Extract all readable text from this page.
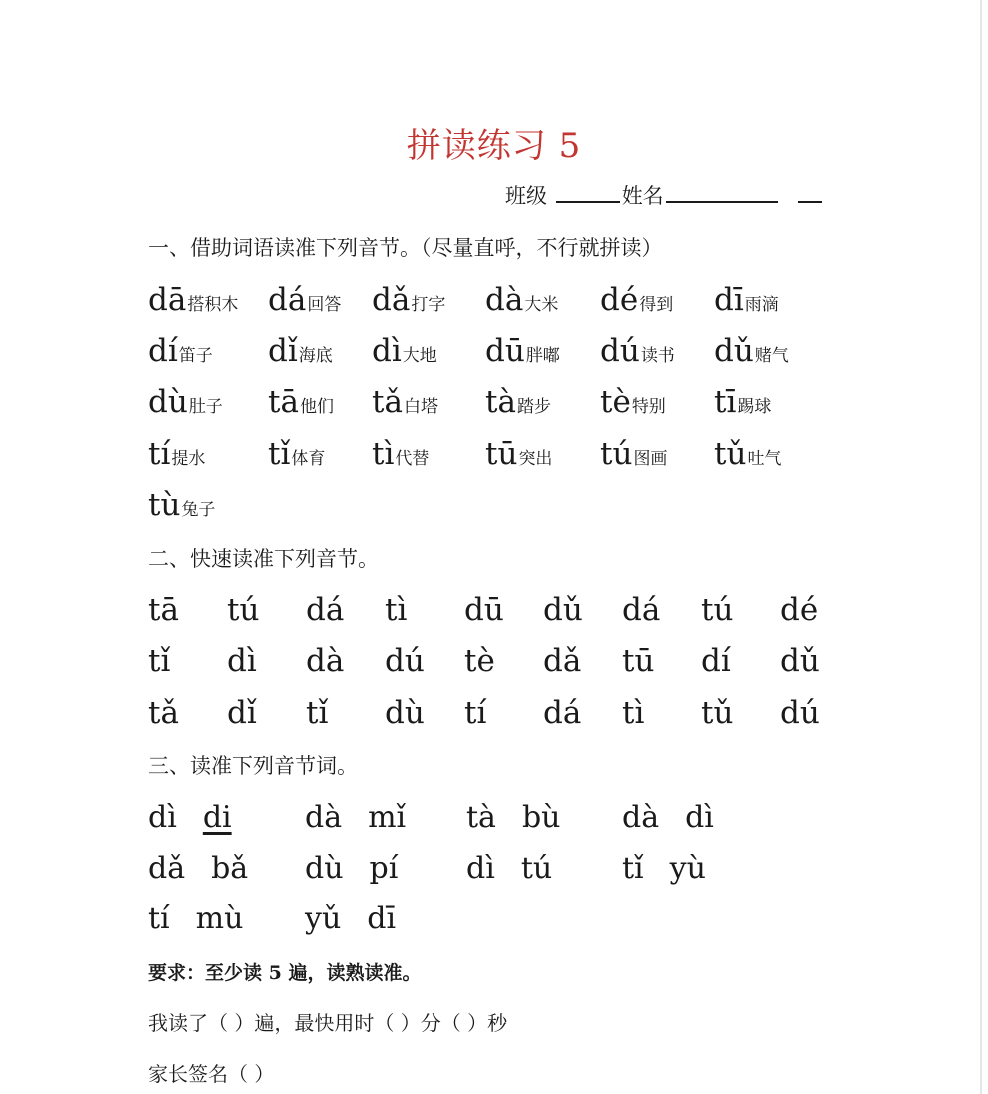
拼读练习 5
班级	姓名
一、借助词语读准下列音节。（尽量直呼，不行就拼读）
dā搭积木 dá回答 dǎ打字 dà大米 dé得到 dī雨滴
dí笛子 dǐ海底 dì大地 dū胖嘟 dú读书 dǔ赌气
dù肚子 tā他们 tǎ白塔 tà踏步 tè特别 tī踢球
tí提水 tǐ体育 tì代替 tū突出 tú图画 tǔ吐气
tù兔子
二、快速读准下列音节。
tā tú dá tì dū dǔ dá tú dé
tǐ dì dà dú tè dǎ tū dí dǔ
tǎ dǐ tǐ dù tí dá tì tǔ dú
三、读准下列音节词。
dì di dà mǐ tà bù dà dì
dǎ bǎ dù pí dì tú tǐ yù
tí mù yǔ dī
要求：至少读 5 遍，读熟读准。
我读了（ ）遍，最快用时（ ）分（ ）秒
家长签名（ ）
